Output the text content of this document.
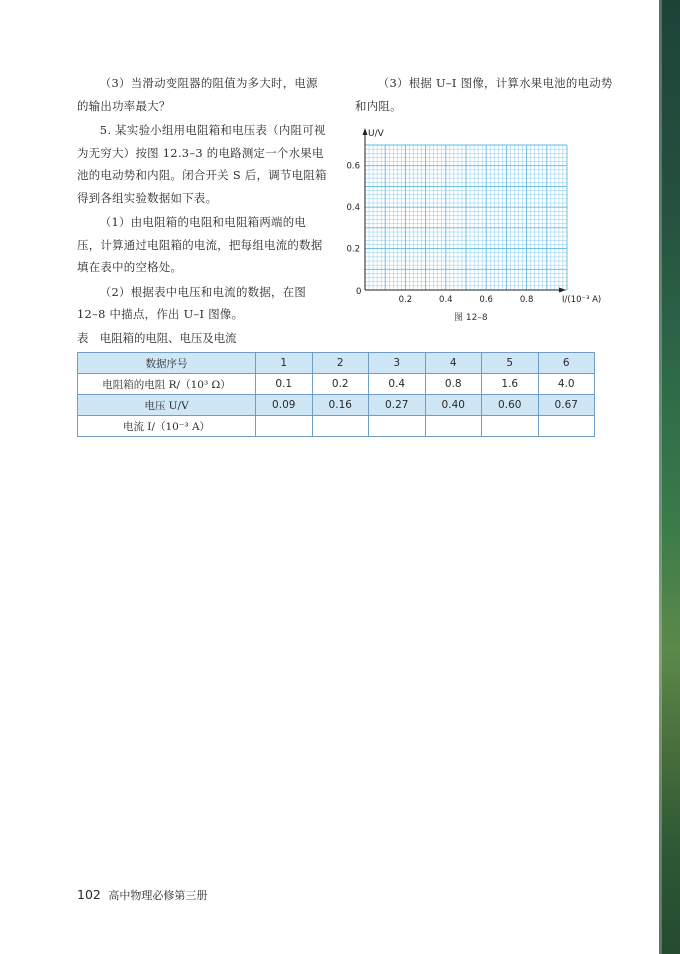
（3）当滑动变阻器的阻值为多大时，电源的输出功率最大？

5. 某实验小组用电阻箱和电压表（内阻可视为无穷大）按图 12.3–3 的电路测定一个水果电池的电动势和内阻。闭合开关 S 后，调节电阻箱得到各组实验数据如下表。

（1）由电阻箱的电阻和电阻箱两端的电压，计算通过电阻箱的电流，把每组电流的数据填在表中的空格处。

（2）根据表中电压和电流的数据，在图 12–8 中描点，作出 U–I 图像。

（3）根据 U–I 图像，计算水果电池的电动势和内阻。

U/V
I/(10⁻³ A)
0
0.2
0.4
0.6
0.2	0.4	0.6	0.8
图 12–8
表　电阻箱的电阻、电压及电流
数据序号	1	2	3	4	5	6
电阻箱的电阻 R/（10³ Ω）	0.1	0.2	0.4	0.8	1.6	4.0
电压 U/V	0.09	0.16	0.27	0.40	0.60	0.67
电流 I/（10⁻³ A）						
102 高中物理必修第三册
